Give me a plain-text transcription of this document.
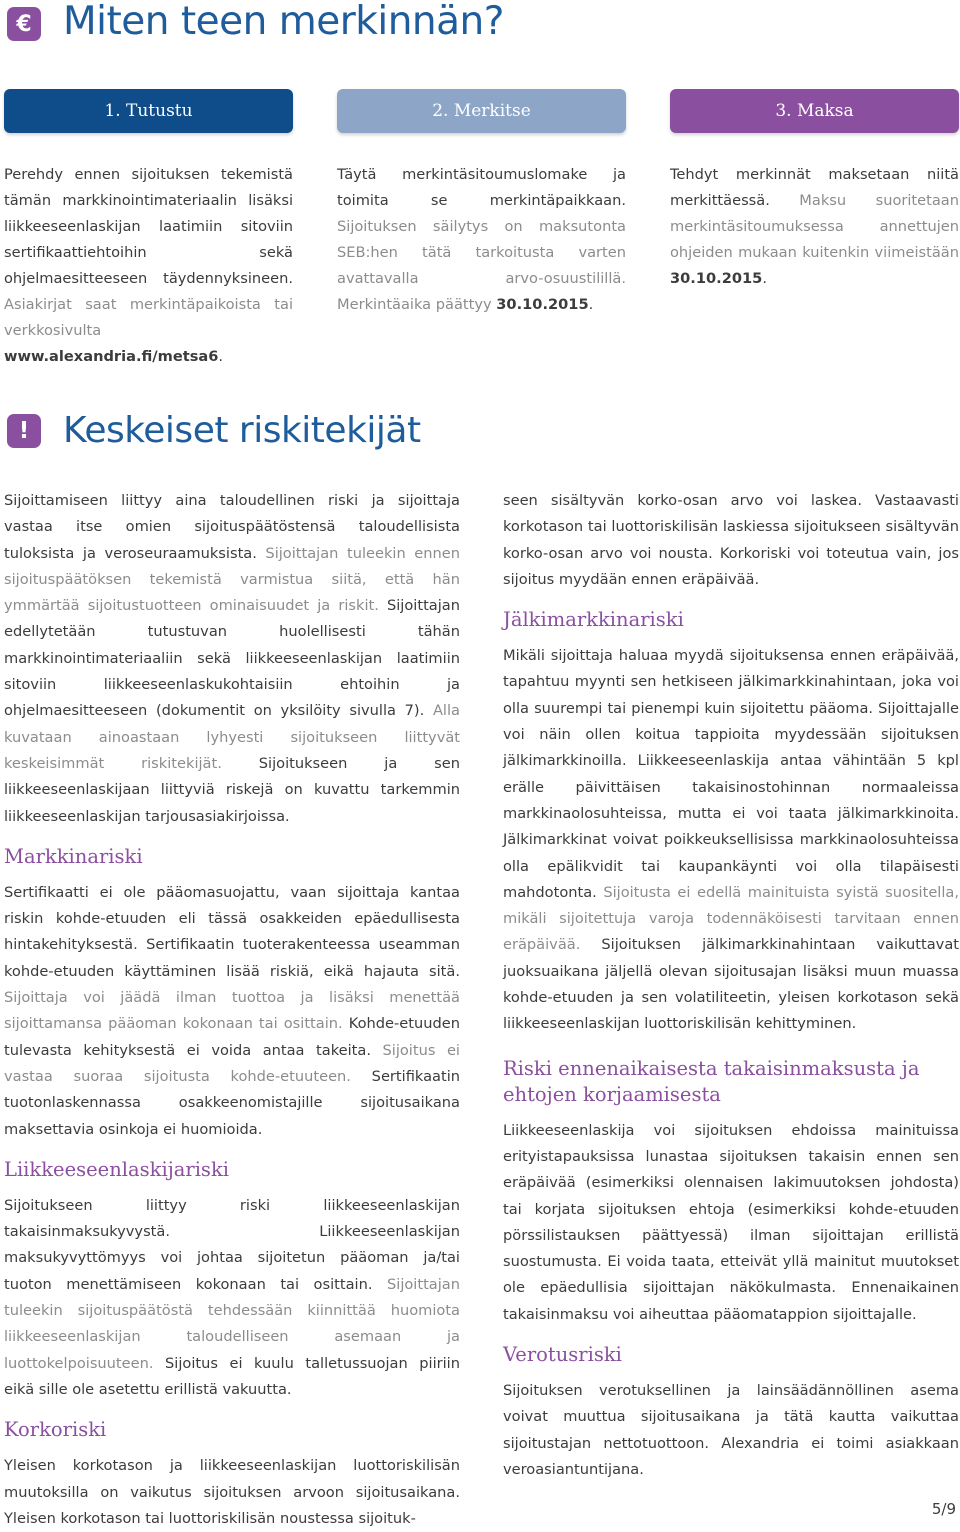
€ Miten teen merkinnän?
1. Tutustu	2. Merkitse	3. Maksa

Perehdy ennen sijoituksen tekemistä tämän markkinointimateriaalin lisäksi liikkeeseenlaskijan laatimiin sitoviin sertifikaattiehtoihin sekä ohjelmaesitteeseen täydennyksineen. Asiakirjat saat merkintäpaikoista tai verkkosivulta www.alexandria.fi/metsa6.

Täytä merkintäsitoumuslomake ja toimita se merkintäpaikkaan. Sijoituksen säilytys on maksutonta SEB:hen tätä tarkoitusta varten avattavalla arvo-osuustilillä. Merkintäaika päättyy 30.10.2015.

Tehdyt merkinnät maksetaan niitä merkittäessä. Maksu suoritetaan merkintäsitoumuksessa annettujen ohjeiden mukaan kuitenkin viimeistään 30.10.2015.

! Keskeiset riskitekijät

Sijoittamiseen liittyy aina taloudellinen riski ja sijoittaja vastaa itse omien sijoituspäätöstensä taloudellisista tuloksista ja veroseuraamuksista. Sijoittajan tuleekin ennen sijoituspäätöksen tekemistä varmistua siitä, että hän ymmärtää sijoitustuotteen ominaisuudet ja riskit. Sijoittajan edellytetään tutustuvan huolellisesti tähän markkinointimateriaaliin sekä liikkeeseenlaskijan laatimiin sitoviin liikkeeseenlaskukohtaisiin ehtoihin ja ohjelmaesitteeseen (dokumentit on yksilöity sivulla 7). Alla kuvataan ainoastaan lyhyesti sijoitukseen liittyvät keskeisimmät riskitekijät. Sijoitukseen ja sen liikkeeseenlaskijaan liittyviä riskejä on kuvattu tarkemmin liikkeeseenlaskijan tarjousasiakirjoissa.

Markkinariski

Sertifikaatti ei ole pääomasuojattu, vaan sijoittaja kantaa riskin kohde-etuuden eli tässä osakkeiden epäedullisesta hintakehityksestä. Sertifikaatin tuoterakenteessa useamman kohde-etuuden käyttäminen lisää riskiä, eikä hajauta sitä. Sijoittaja voi jäädä ilman tuottoa ja lisäksi menettää sijoittamansa pääoman kokonaan tai osittain. Kohde-etuuden tulevasta kehityksestä ei voida antaa takeita. Sijoitus ei vastaa suoraa sijoitusta kohde-etuuteen. Sertifikaatin tuotonlaskennassa osakkeenomistajille sijoitusaikana maksettavia osinkoja ei huomioida.

Liikkeeseenlaskijariski

Sijoitukseen liittyy riski liikkeeseenlaskijan takaisinmaksukyvystä. Liikkeeseenlaskijan maksukyvyttömyys voi johtaa sijoitetun pääoman ja/tai tuoton menettämiseen kokonaan tai osittain. Sijoittajan tuleekin sijoituspäätöstä tehdessään kiinnittää huomiota liikkeeseenlaskijan taloudelliseen asemaan ja luottokelpoisuuteen. Sijoitus ei kuulu talletussuojan piiriin eikä sille ole asetettu erillistä vakuutta.

Korkoriski

Yleisen korkotason ja liikkeeseenlaskijan luottoriskilisän muutoksilla on vaikutus sijoituksen arvoon sijoitusaikana. Yleisen korkotason tai luottoriskilisän noustessa sijoituk-

seen sisältyvän korko-osan arvo voi laskea. Vastaavasti korkotason tai luottoriskilisän laskiessa sijoitukseen sisältyvän korko-osan arvo voi nousta. Korkoriski voi toteutua vain, jos sijoitus myydään ennen eräpäivää.

Jälkimarkkinariski

Mikäli sijoittaja haluaa myydä sijoituksensa ennen eräpäivää, tapahtuu myynti sen hetkiseen jälkimarkkinahintaan, joka voi olla suurempi tai pienempi kuin sijoitettu pääoma. Sijoittajalle voi näin ollen koitua tappioita myydessään sijoituksen jälkimarkkinoilla. Liikkeeseenlaskija antaa vähintään 5 kpl erälle päivittäisen takaisinostohinnan normaaleissa markkinaolosuhteissa, mutta ei voi taata jälkimarkkinoita. Jälkimarkkinat voivat poikkeuksellisissa markkinaolosuhteissa olla epälikvidit tai kaupankäynti voi olla tilapäisesti mahdotonta. Sijoitusta ei edellä mainituista syistä suositella, mikäli sijoitettuja varoja todennäköisesti tarvitaan ennen eräpäivää. Sijoituksen jälkimarkkinahintaan vaikuttavat juoksuaikana jäljellä olevan sijoitusajan lisäksi muun muassa kohde-etuuden ja sen volatiliteetin, yleisen korkotason sekä liikkeeseenlaskijan luottoriskilisän kehittyminen.

Riski ennenaikaisesta takaisinmaksusta ja ehtojen korjaamisesta

Liikkeeseenlaskija voi sijoituksen ehdoissa mainituissa erityistapauksissa lunastaa sijoituksen takaisin ennen sen eräpäivää (esimerkiksi olennaisen lakimuutoksen johdosta) tai korjata sijoituksen ehtoja (esimerkiksi kohde-etuuden pörssilistauksen päättyessä) ilman sijoittajan erillistä suostumusta. Ei voida taata, etteivät yllä mainitut muutokset ole epäedullisia sijoittajan näkökulmasta. Ennenaikainen takaisinmaksu voi aiheuttaa pääomatappion sijoittajalle.

Verotusriski

Sijoituksen verotuksellinen ja lainsäädännöllinen asema voivat muuttua sijoitusaikana ja tätä kautta vaikuttaa sijoitustajan nettotuottoon. Alexandria ei toimi asiakkaan veroasiantuntijana.

5/9
